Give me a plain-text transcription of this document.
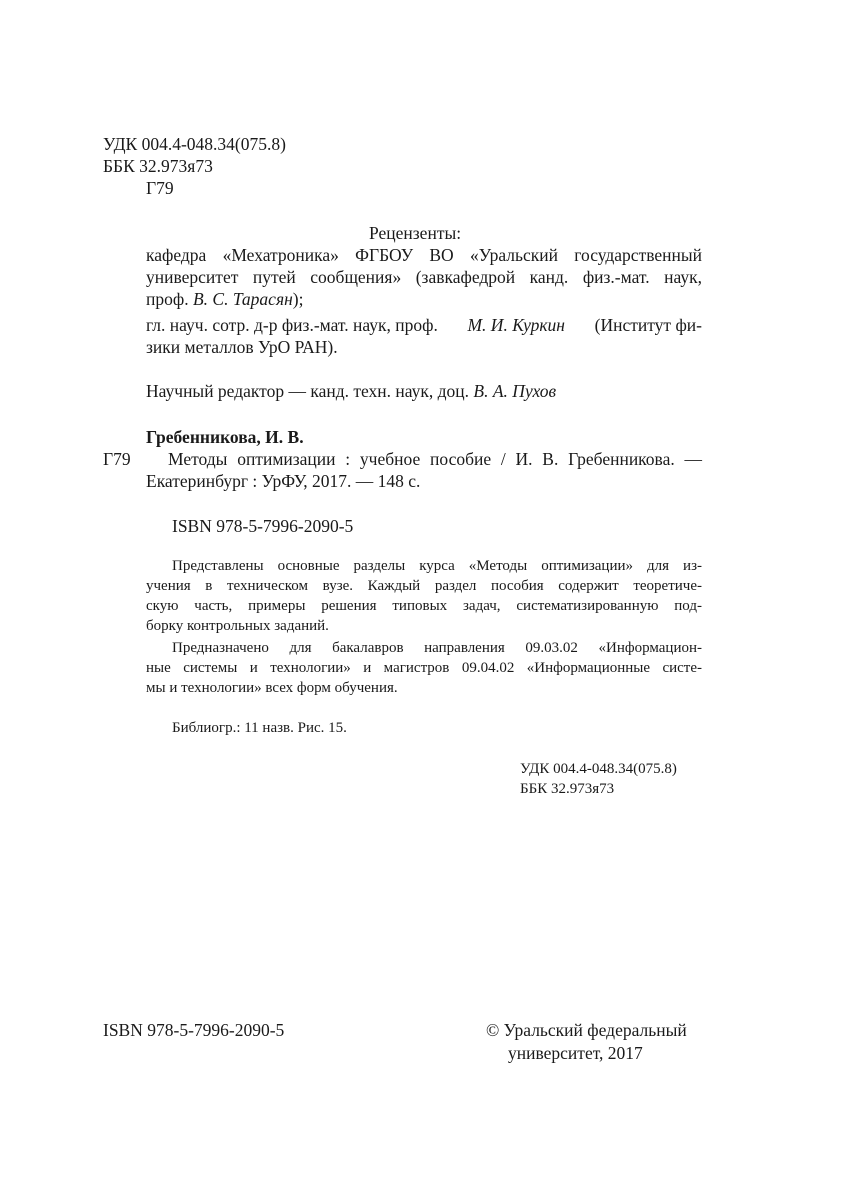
УДК 004.4-048.34(075.8)
ББК 32.973я73
Г79
Рецензенты:
кафедра «Мехатроника» ФГБОУ ВО «Уральский государственный
университет путей сообщения» (завкафедрой канд. физ.-мат. наук,
проф. В. С. Тарасян);
гл. науч. сотр. д-р физ.-мат. наук, проф. М. И. Куркин (Институт фи-
зики металлов УрО РАН).
Научный редактор — канд. техн. наук, доц. В. А. Пухов
Гребенникова, И. В.
Г79 Методы оптимизации : учебное пособие / И. В. Гребенникова. —
Екатеринбург : УрФУ, 2017. — 148 с.
ISBN 978-5-7996-2090-5
Представлены основные разделы курса «Методы оптимизации» для из-
учения в техническом вузе. Каждый раздел пособия содержит теоретиче-
скую часть, примеры решения типовых задач, систематизированную под-
борку контрольных заданий.
Предназначено для бакалавров направления 09.03.02 «Информацион-
ные системы и технологии» и магистров 09.04.02 «Информационные систе-
мы и технологии» всех форм обучения.
Библиогр.: 11 назв. Рис. 15.
УДК 004.4-048.34(075.8)
ББК 32.973я73
ISBN 978-5-7996-2090-5	© Уральский федеральный
университет, 2017
